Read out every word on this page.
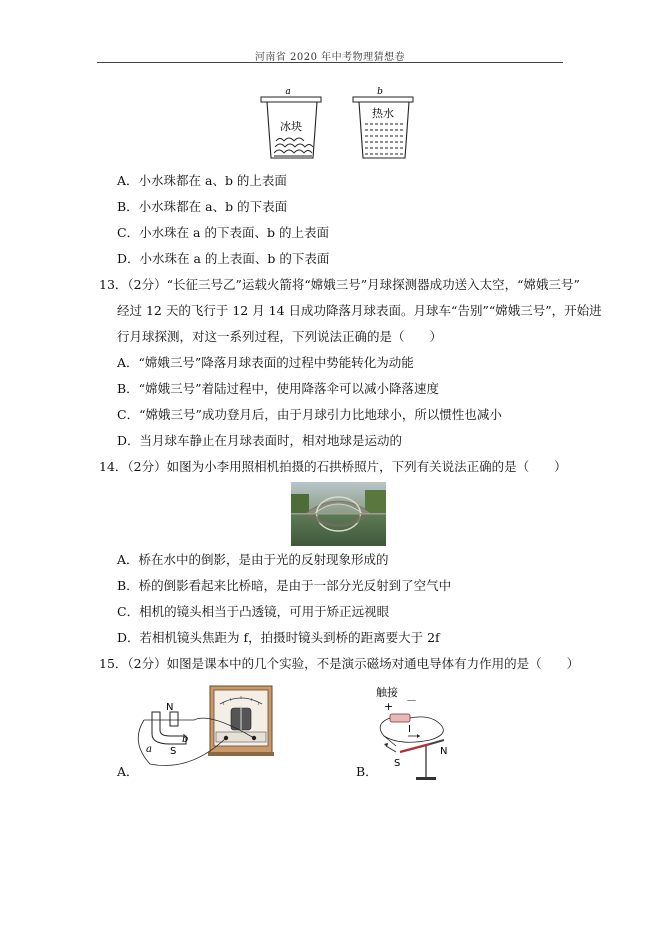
河南省 2020 年中考物理猜想卷
a
冰块
b
热水
A．小水珠都在 a、b 的上表面
B．小水珠都在 a、b 的下表面
C．小水珠在 a 的下表面、b 的上表面
D．小水珠在 a 的上表面、b 的下表面
13．（2分）“长征三号乙”运载火箭将“嫦娥三号”月球探测器成功送入太空，“嫦娥三号”
经过 12 天的飞行于 12 月 14 日成功降落月球表面。月球车“告别”“嫦娥三号”，开始进
行月球探测，对这一系列过程，下列说法正确的是（　　）
A．“嫦娥三号”降落月球表面的过程中势能转化为动能
B．“嫦娥三号”着陆过程中，使用降落伞可以减小降落速度
C．“嫦娥三号”成功登月后，由于月球引力比地球小，所以惯性也减小
D．当月球车静止在月球表面时，相对地球是运动的
14．（2分）如图为小李用照相机拍摄的石拱桥照片，下列有关说法正确的是（　　）
A．桥在水中的倒影，是由于光的反射现象形成的
B．桥的倒影看起来比桥暗，是由于一部分光反射到了空气中
C．相机的镜头相当于凸透镜，可用于矫正远视眼
D．若相机镜头焦距为 f，拍摄时镜头到桥的距离要大于 2f
15．（2分）如图是课本中的几个实验，不是演示磁场对通电导体有力作用的是（　　）
N
S
a
b
A．
触接
+ －
I
S
N
B．
